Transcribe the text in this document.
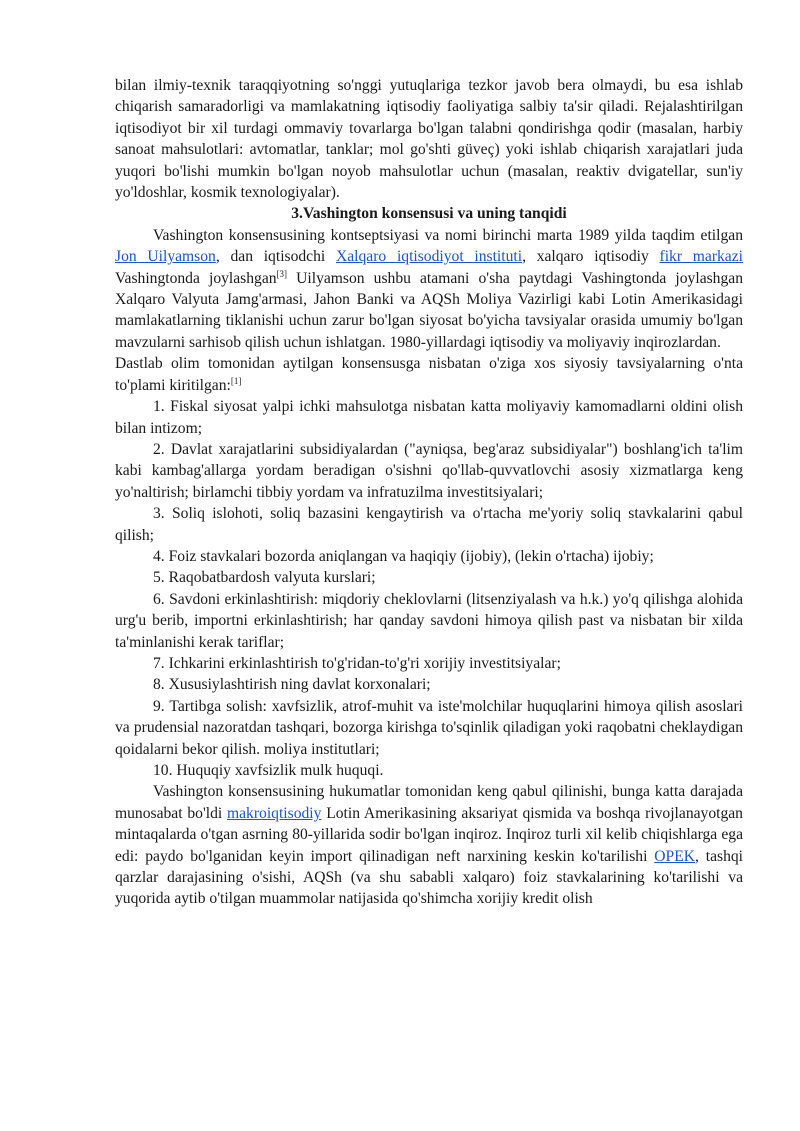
bilan ilmiy-texnik taraqqiyotning so'nggi yutuqlariga tezkor javob bera olmaydi, bu esa ishlab chiqarish samaradorligi va mamlakatning iqtisodiy faoliyatiga salbiy ta'sir qiladi. Rejalashtirilgan iqtisodiyot bir xil turdagi ommaviy tovarlarga bo'lgan talabni qondirishga qodir (masalan, harbiy sanoat mahsulotlari: avtomatlar, tanklar; mol go'shti güveç) yoki ishlab chiqarish xarajatlari juda yuqori bo'lishi mumkin bo'lgan noyob mahsulotlar uchun (masalan, reaktiv dvigatellar, sun'iy yo'ldoshlar, kosmik texnologiyalar).

3.Vashington konsensusi va uning tanqidi

Vashington konsensusining kontseptsiyasi va nomi birinchi marta 1989 yilda taqdim etilgan Jon Uilyamson, dan iqtisodchi Xalqaro iqtisodiyot instituti, xalqaro iqtisodiy fikr markazi Vashingtonda joylashgan[3] Uilyamson ushbu atamani o'sha paytdagi Vashingtonda joylashgan Xalqaro Valyuta Jamg'armasi, Jahon Banki va AQSh Moliya Vazirligi kabi Lotin Amerikasidagi mamlakatlarning tiklanishi uchun zarur bo'lgan siyosat bo'yicha tavsiyalar orasida umumiy bo'lgan mavzularni sarhisob qilish uchun ishlatgan. 1980-yillardagi iqtisodiy va moliyaviy inqirozlardan.

Dastlab olim tomonidan aytilgan konsensusga nisbatan o'ziga xos siyosiy tavsiyalarning o'nta to'plami kiritilgan:[1]

1. Fiskal siyosat yalpi ichki mahsulotga nisbatan katta moliyaviy kamomadlarni oldini olish bilan intizom;

2. Davlat xarajatlarini subsidiyalardan ("ayniqsa, beg'araz subsidiyalar") boshlang'ich ta'lim kabi kambag'allarga yordam beradigan o'sishni qo'llab-quvvatlovchi asosiy xizmatlarga keng yo'naltirish; birlamchi tibbiy yordam va infratuzilma investitsiyalari;

3. Soliq islohoti, soliq bazasini kengaytirish va o'rtacha me'yoriy soliq stavkalarini qabul qilish;

4. Foiz stavkalari bozorda aniqlangan va haqiqiy (ijobiy), (lekin o'rtacha) ijobiy;

5. Raqobatbardosh valyuta kurslari;

6. Savdoni erkinlashtirish: miqdoriy cheklovlarni (litsenziyalash va h.k.) yo'q qilishga alohida urg'u berib, importni erkinlashtirish; har qanday savdoni himoya qilish past va nisbatan bir xilda ta'minlanishi kerak tariflar;

7. Ichkarini erkinlashtirish to'g'ridan-to'g'ri xorijiy investitsiyalar;

8. Xususiylashtirish ning davlat korxonalari;

9. Tartibga solish: xavfsizlik, atrof-muhit va iste'molchilar huquqlarini himoya qilish asoslari va prudensial nazoratdan tashqari, bozorga kirishga to'sqinlik qiladigan yoki raqobatni cheklaydigan qoidalarni bekor qilish. moliya institutlari;

10. Huquqiy xavfsizlik mulk huquqi.

Vashington konsensusining hukumatlar tomonidan keng qabul qilinishi, bunga katta darajada munosabat bo'ldi makroiqtisodiy Lotin Amerikasining aksariyat qismida va boshqa rivojlanayotgan mintaqalarda o'tgan asrning 80-yillarida sodir bo'lgan inqiroz. Inqiroz turli xil kelib chiqishlarga ega edi: paydo bo'lganidan keyin import qilinadigan neft narxining keskin ko'tarilishi OPEK, tashqi qarzlar darajasining o'sishi, AQSh (va shu sababli xalqaro) foiz stavkalarining ko'tarilishi va yuqorida aytib o'tilgan muammolar natijasida qo'shimcha xorijiy kredit olish
